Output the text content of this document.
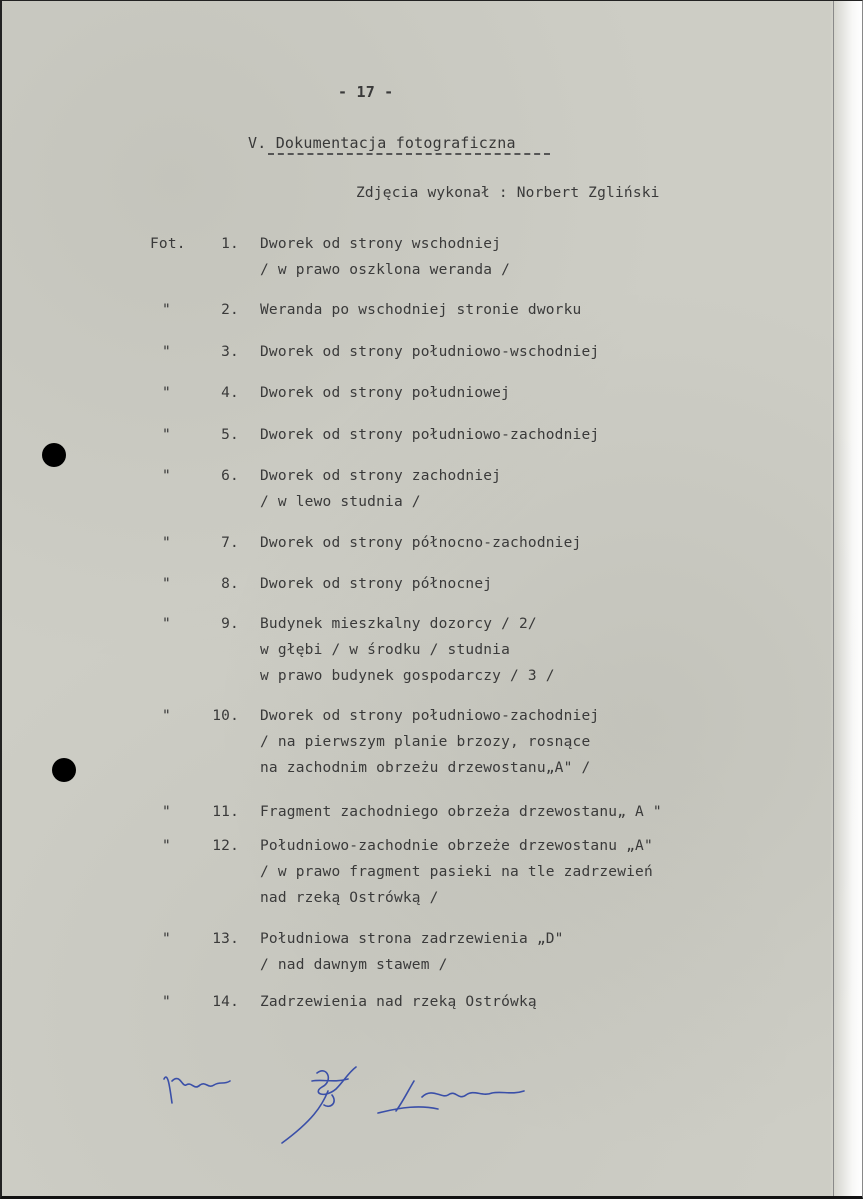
- 17 -
V. Dokumentacja fotograficzna
Zdjęcia wykonał : Norbert Zgliński
Fot.	1. Dworek od strony wschodniej
/ w prawo oszklona weranda /
"	2. Weranda po wschodniej stronie dworku
"	3. Dworek od strony południowo-wschodniej
"	4. Dworek od strony południowej
"	5. Dworek od strony południowo-zachodniej
"	6. Dworek od strony zachodniej
/ w lewo studnia /
"	7. Dworek od strony północno-zachodniej
"	8. Dworek od strony północnej
"	9. Budynek mieszkalny dozorcy / 2/
w głębi / w środku / studnia
w prawo budynek gospodarczy / 3 /
"	10. Dworek od strony południowo-zachodniej
/ na pierwszym planie brzozy, rosnące
na zachodnim obrzeżu drzewostanu„A" /
"	11. Fragment zachodniego obrzeża drzewostanu„ A "
"	12. Południowo-zachodnie obrzeże drzewostanu „A"
/ w prawo fragment pasieki na tle zadrzewień
nad rzeką Ostrówką /
"	13. Południowa strona zadrzewienia „D"
/ nad dawnym stawem /
"	14. Zadrzewienia nad rzeką Ostrówką
